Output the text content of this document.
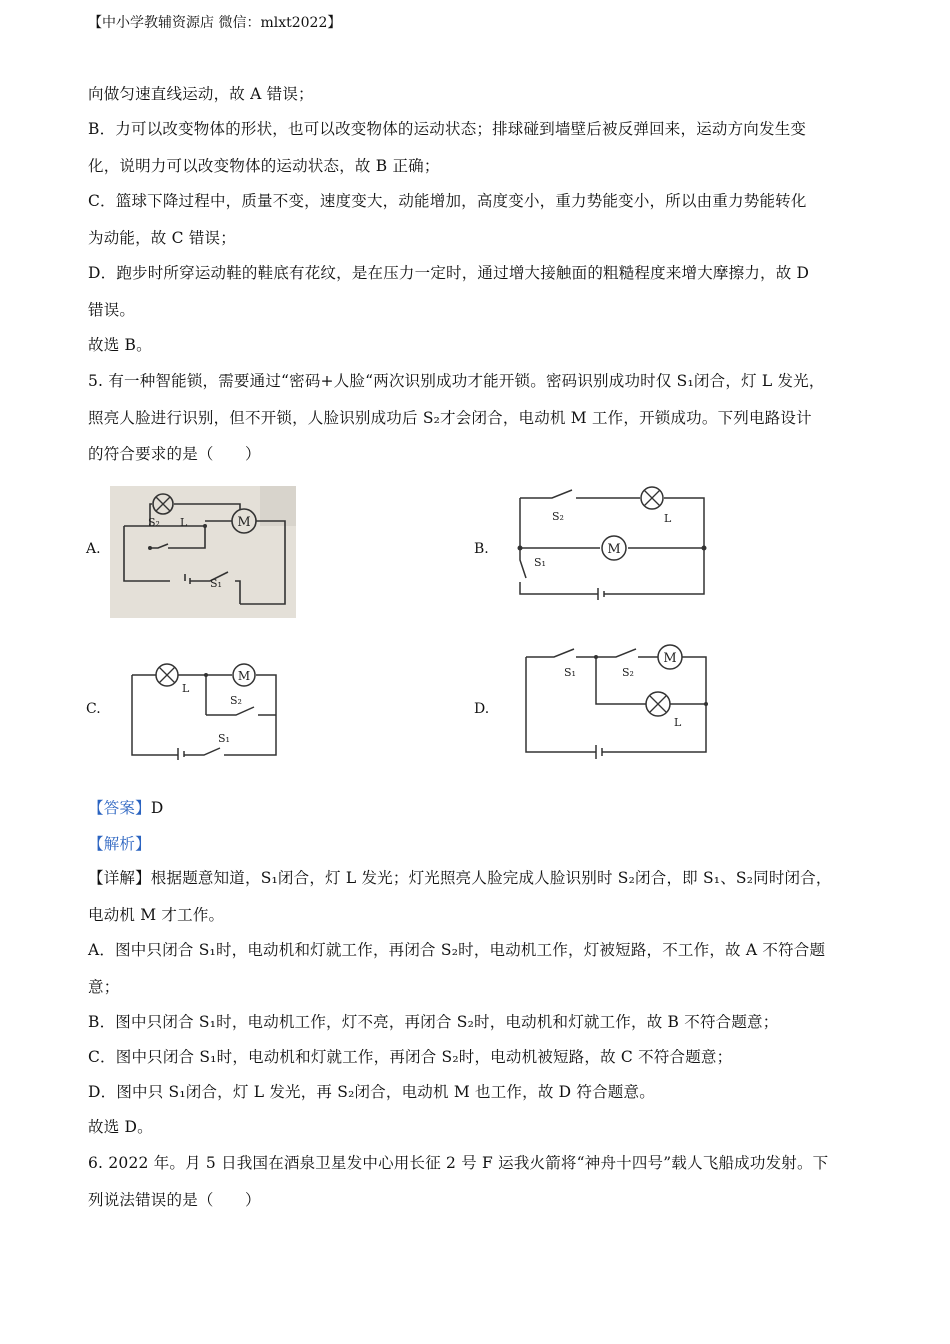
【中小学教辅资源店 微信：mlxt2022】
向做匀速直线运动，故 A 错误；
B．力可以改变物体的形状，也可以改变物体的运动状态；排球碰到墙壁后被反弹回来，运动方向发生变
化，说明力可以改变物体的运动状态，故 B 正确；
C．篮球下降过程中，质量不变，速度变大，动能增加，高度变小，重力势能变小，所以由重力势能转化
为动能，故 C 错误；
D．跑步时所穿运动鞋的鞋底有花纹，是在压力一定时，通过增大接触面的粗糙程度来增大摩擦力，故 D
错误。
故选 B。
5. 有一种智能锁，需要通过“密码+人脸“两次识别成功才能开锁。密码识别成功时仅 S₁闭合，灯 L 发光，
照亮人脸进行识别，但不开锁，人脸识别成功后 S₂才会闭合，电动机 M 工作，开锁成功。下列电路设计
的符合要求的是（　　）
A.	B.
C.	D.
M
S₂ L
S₁
M
S₂	L
S₁
M
L
S₂
S₁
M
S₁	S₂
L
【答案】D
【解析】
【详解】根据题意知道，S₁闭合，灯 L 发光；灯光照亮人脸完成人脸识别时 S₂闭合，即 S₁、S₂同时闭合，
电动机 M 才工作。
A．图中只闭合 S₁时，电动机和灯就工作，再闭合 S₂时，电动机工作，灯被短路，不工作，故 A 不符合题
意；
B．图中只闭合 S₁时，电动机工作，灯不亮，再闭合 S₂时，电动机和灯就工作，故 B 不符合题意；
C．图中只闭合 S₁时，电动机和灯就工作，再闭合 S₂时，电动机被短路，故 C 不符合题意；
D．图中只 S₁闭合，灯 L 发光，再 S₂闭合，电动机 M 也工作，故 D 符合题意。
故选 D。
6. 2022 年。月 5 日我国在酒泉卫星发中心用长征 2 号 F 运我火箭将“神舟十四号”载人飞船成功发射。下
列说法错误的是（　　）
